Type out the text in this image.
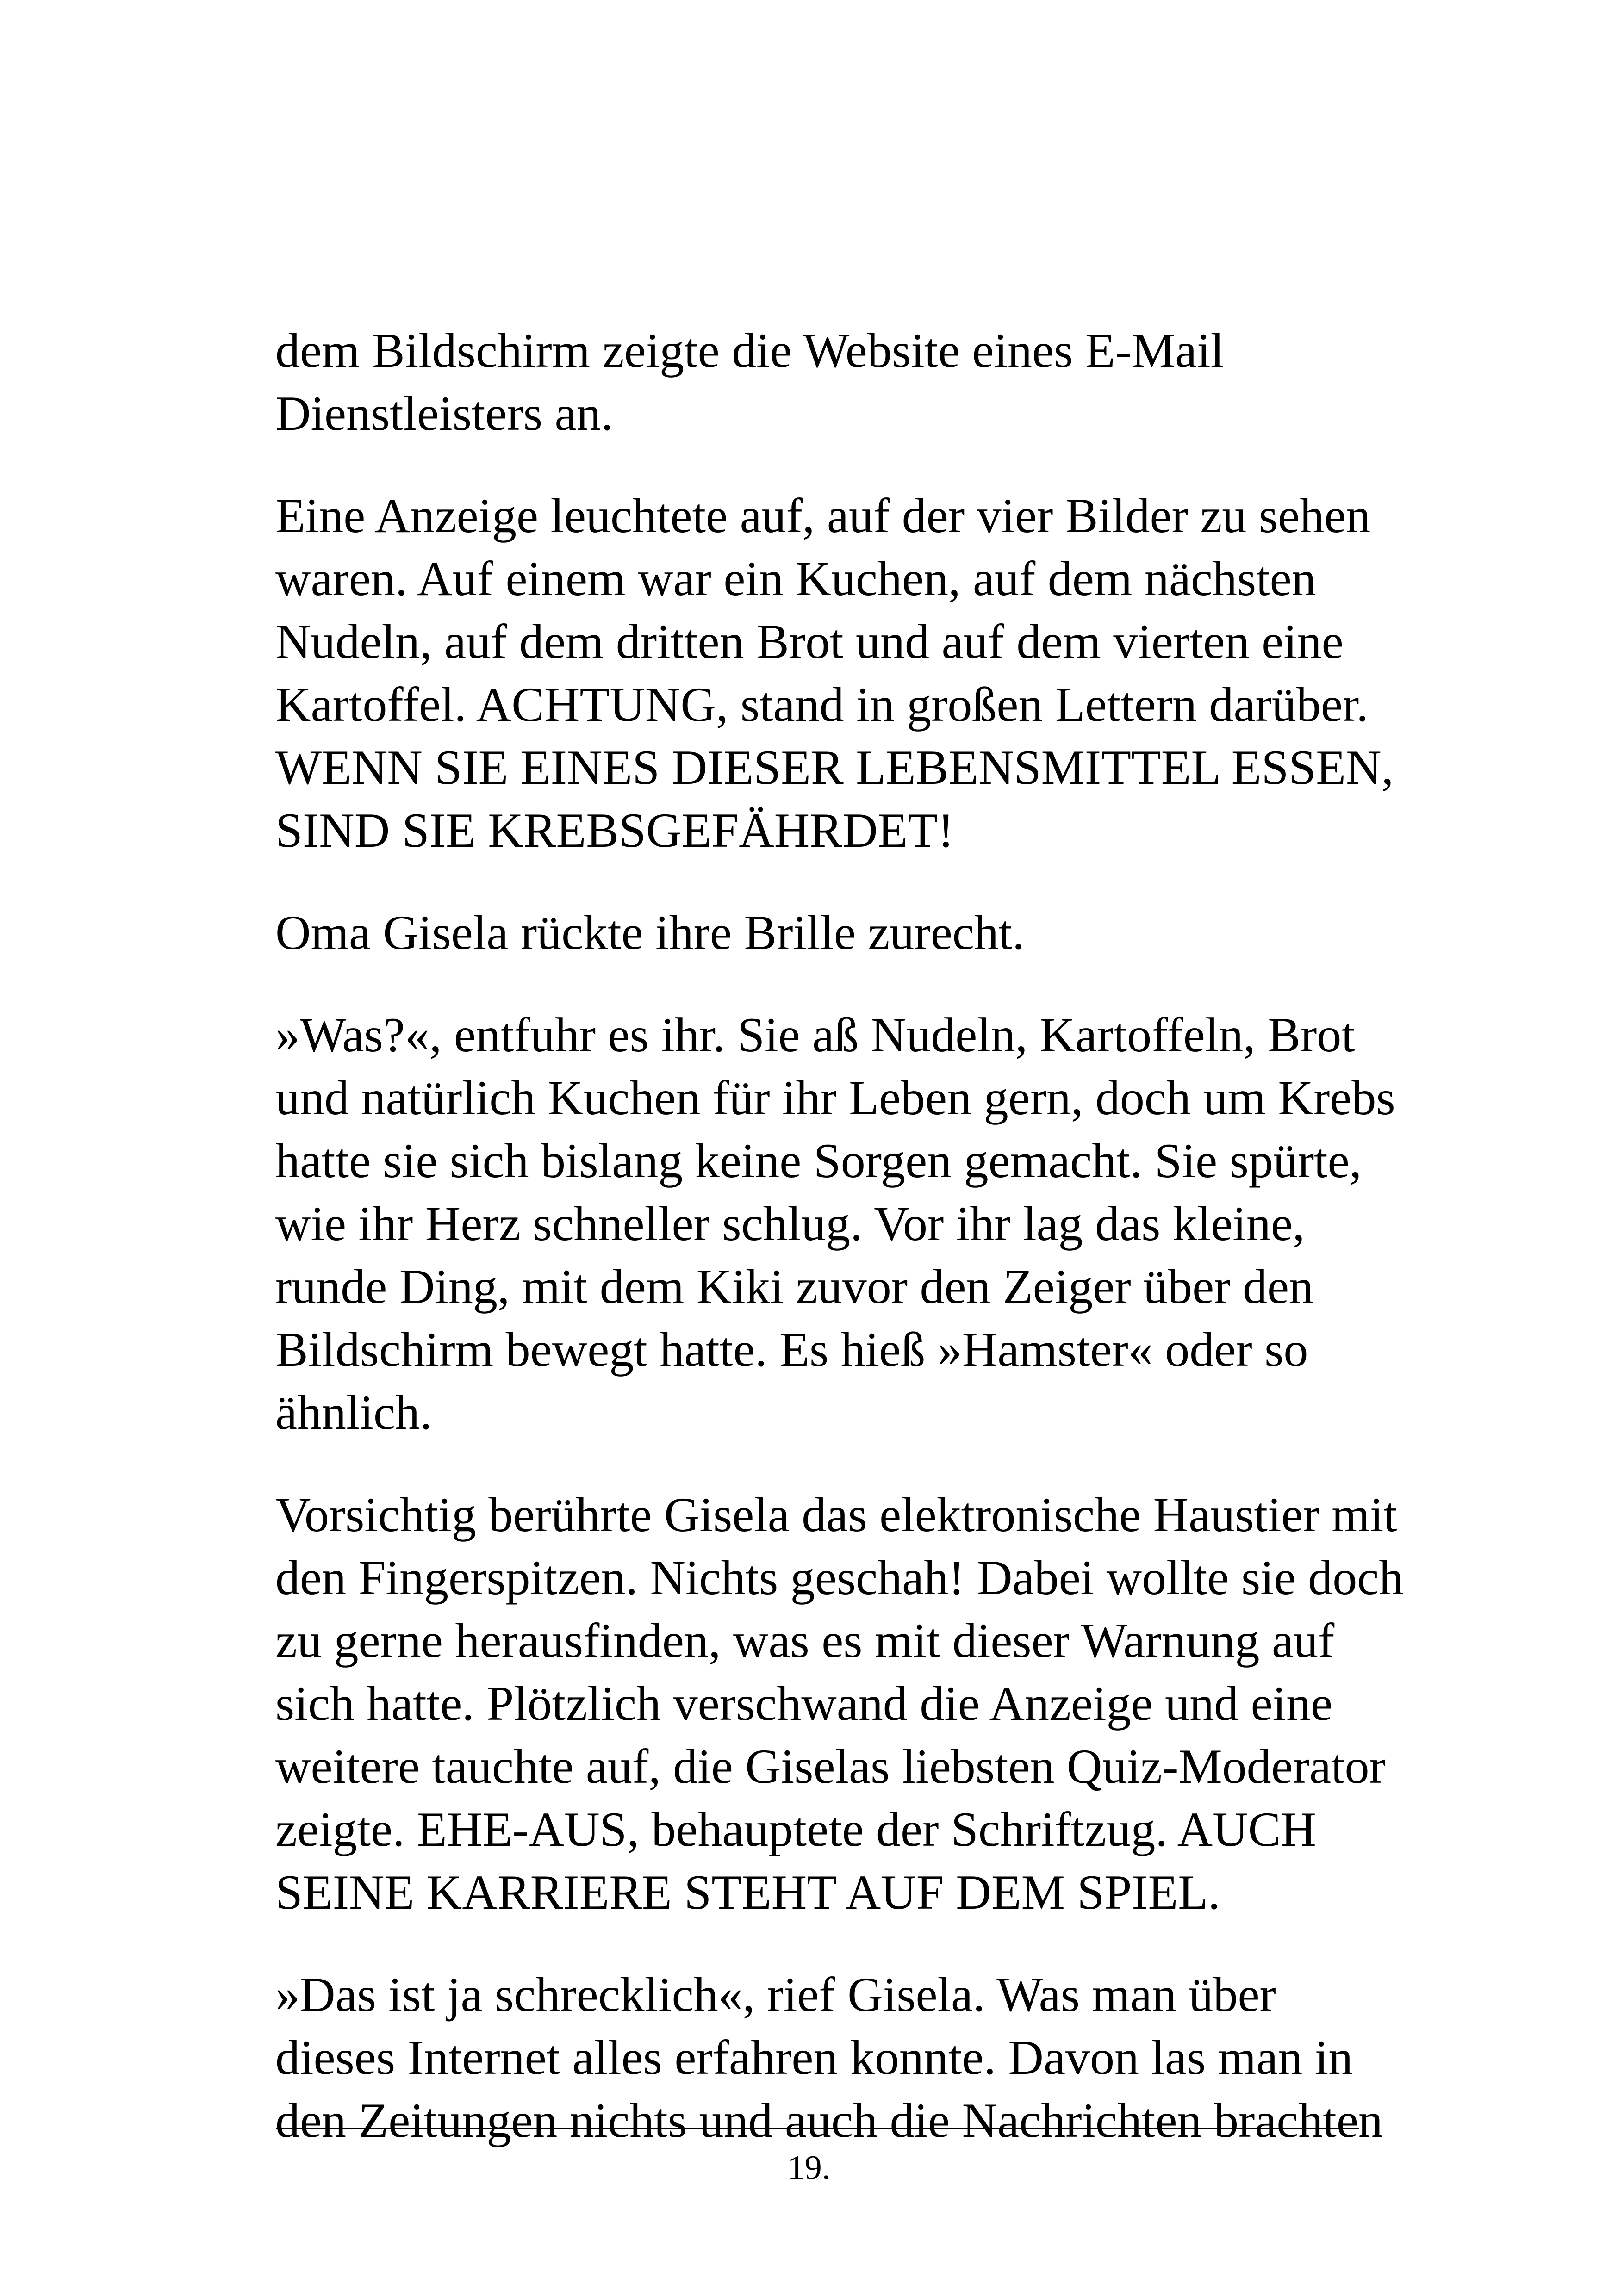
dem Bildschirm zeigte die Website eines E-Mail
Dienstleisters an.

Eine Anzeige leuchtete auf, auf der vier Bilder zu sehen
waren. Auf einem war ein Kuchen, auf dem nächsten
Nudeln, auf dem dritten Brot und auf dem vierten eine
Kartoffel. ACHTUNG, stand in großen Lettern darüber.
WENN SIE EINES DIESER LEBENSMITTEL ESSEN,
SIND SIE KREBSGEFÄHRDET!

Oma Gisela rückte ihre Brille zurecht.

»Was?«, entfuhr es ihr. Sie aß Nudeln, Kartoffeln, Brot
und natürlich Kuchen für ihr Leben gern, doch um Krebs
hatte sie sich bislang keine Sorgen gemacht. Sie spürte,
wie ihr Herz schneller schlug. Vor ihr lag das kleine,
runde Ding, mit dem Kiki zuvor den Zeiger über den
Bildschirm bewegt hatte. Es hieß »Hamster« oder so
ähnlich.

Vorsichtig berührte Gisela das elektronische Haustier mit
den Fingerspitzen. Nichts geschah! Dabei wollte sie doch
zu gerne herausfinden, was es mit dieser Warnung auf
sich hatte. Plötzlich verschwand die Anzeige und eine
weitere tauchte auf, die Giselas liebsten Quiz-Moderator
zeigte. EHE-AUS, behauptete der Schriftzug. AUCH
SEINE KARRIERE STEHT AUF DEM SPIEL.

»Das ist ja schrecklich«, rief Gisela. Was man über
dieses Internet alles erfahren konnte. Davon las man in
den Zeitungen nichts und auch die Nachrichten brachten

19.
